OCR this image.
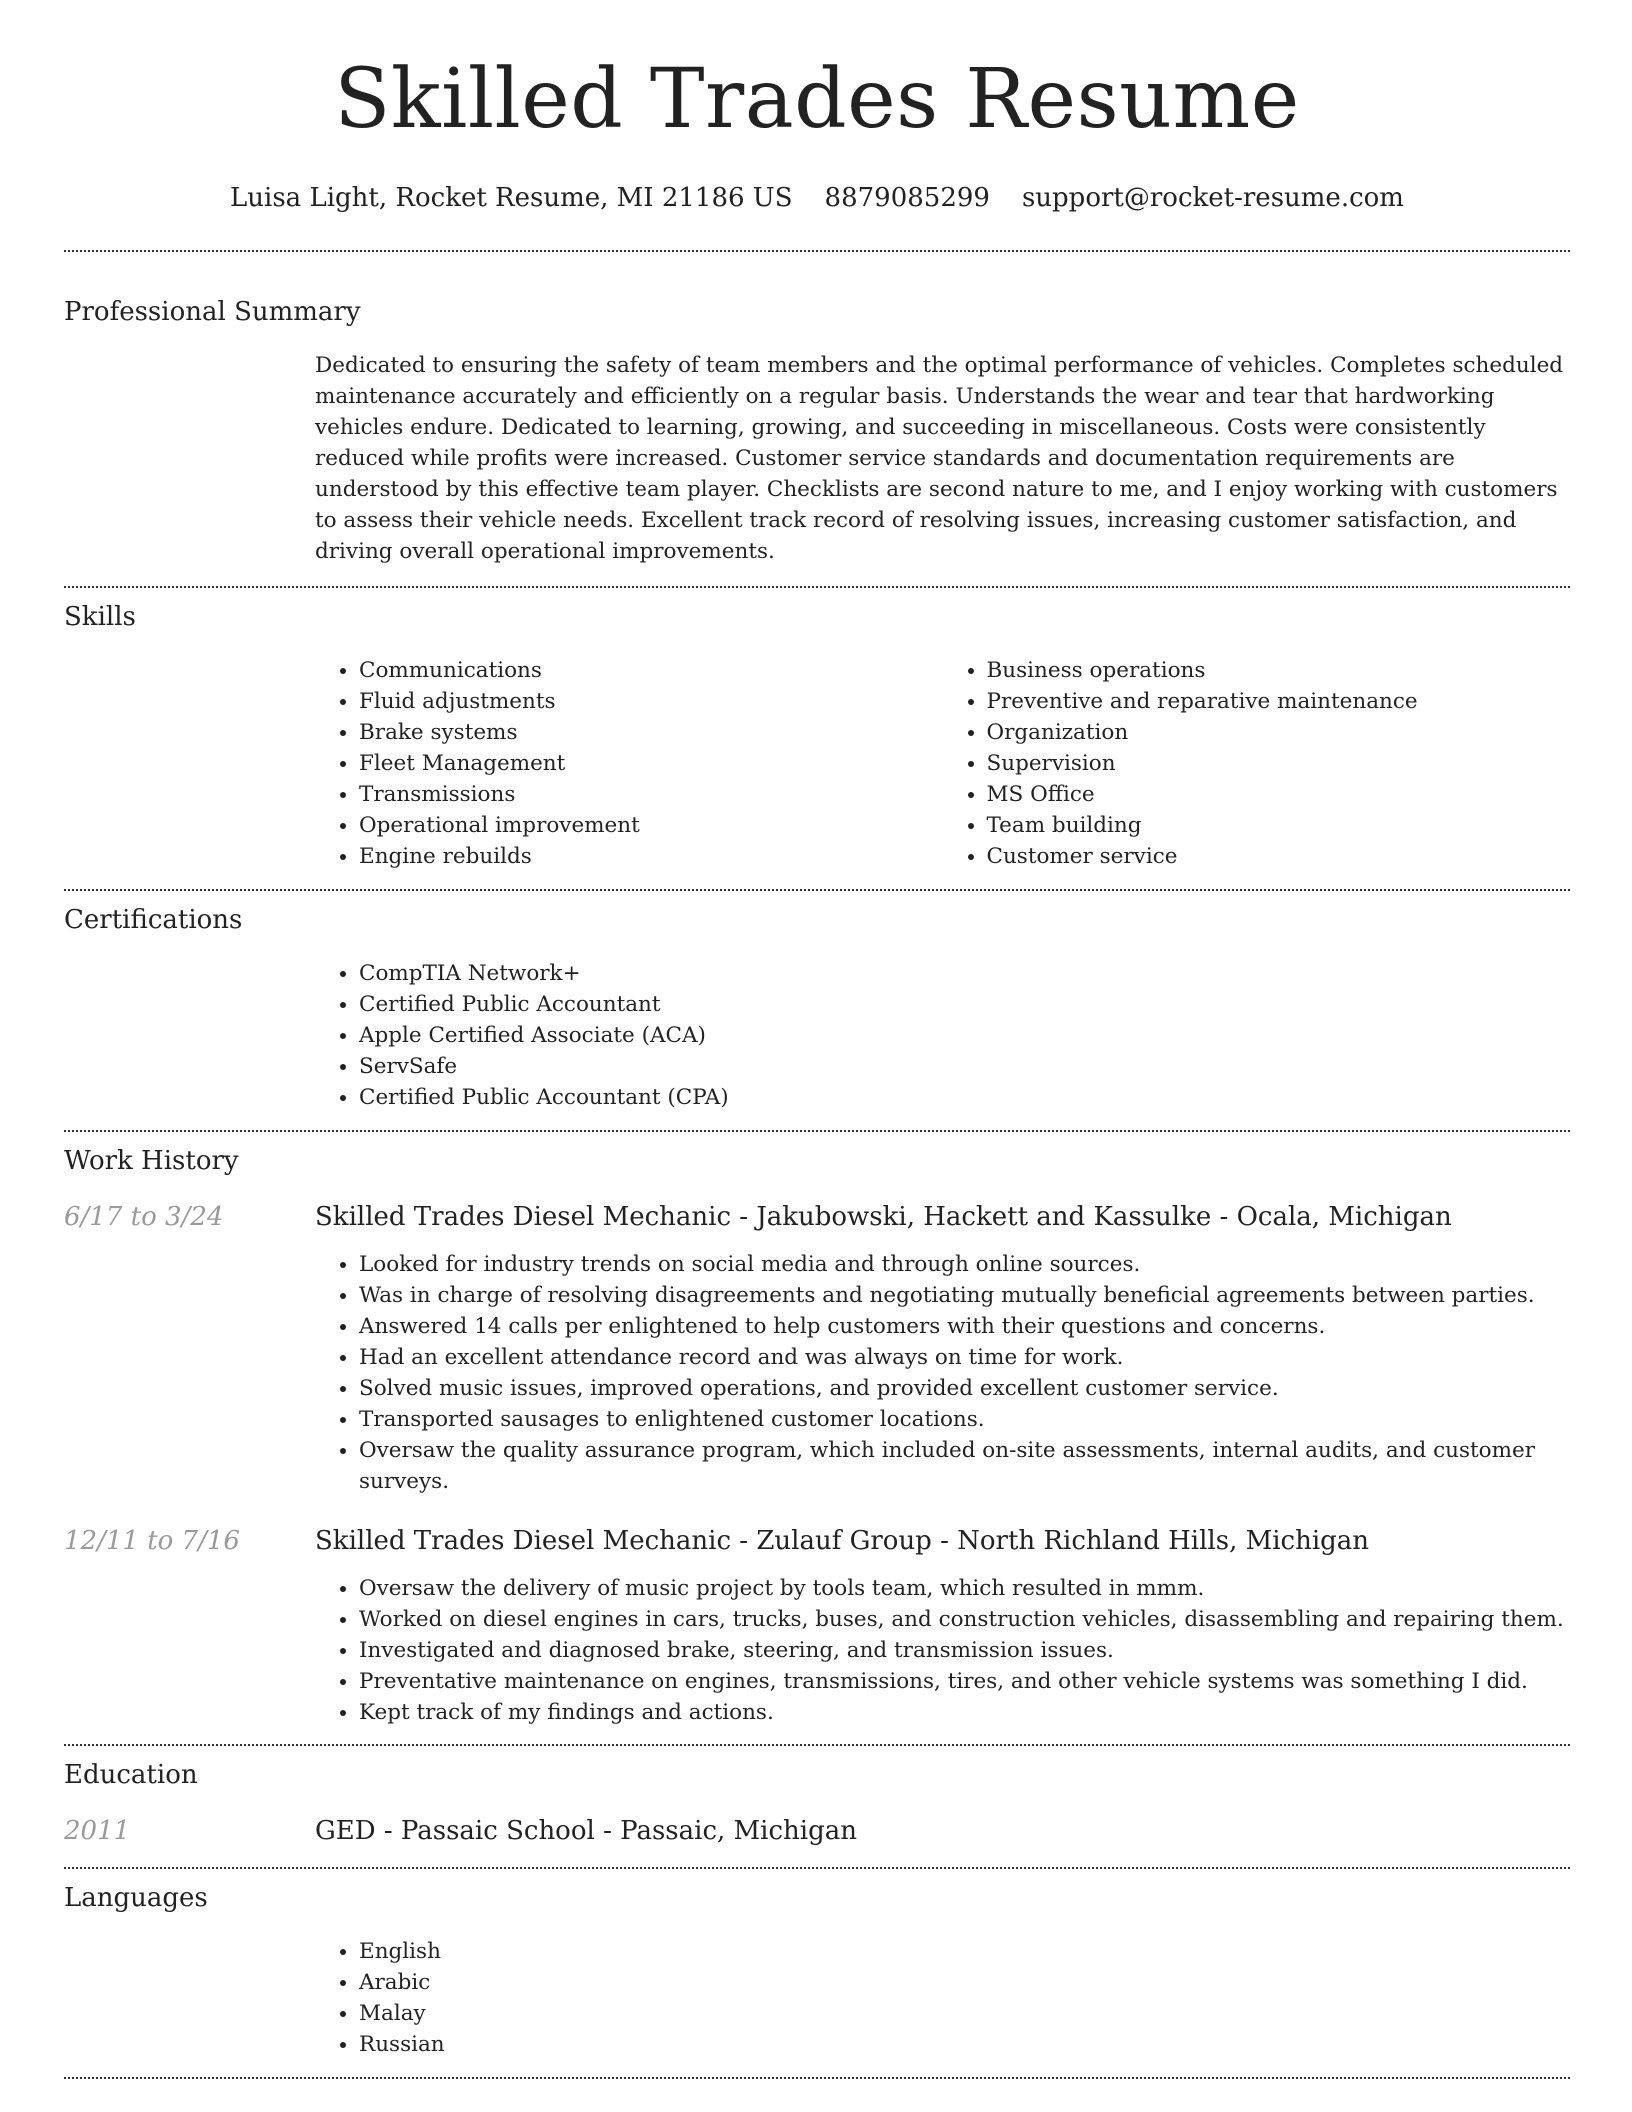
Skilled Trades Resume
Luisa Light, Rocket Resume, MI 21186 US 8879085299 support@rocket-resume.com
Professional Summary

Dedicated to ensuring the safety of team members and the optimal performance of vehicles. Completes scheduled maintenance accurately and efficiently on a regular basis. Understands the wear and tear that hardworking vehicles endure. Dedicated to learning, growing, and succeeding in miscellaneous. Costs were consistently reduced while profits were increased. Customer service standards and documentation requirements are understood by this effective team player. Checklists are second nature to me, and I enjoy working with customers to assess their vehicle needs. Excellent track record of resolving issues, increasing customer satisfaction, and driving overall operational improvements.

Skills
• Communications
• Fluid adjustments
• Brake systems
• Fleet Management
• Transmissions
• Operational improvement
• Engine rebuilds
• Business operations
• Preventive and reparative maintenance
• Organization
• Supervision
• MS Office
• Team building
• Customer service
Certifications
• CompTIA Network+
• Certified Public Accountant
• Apple Certified Associate (ACA)
• ServSafe
• Certified Public Accountant (CPA)
Work History
6/17 to 3/24	Skilled Trades Diesel Mechanic - Jakubowski, Hackett and Kassulke - Ocala, Michigan
• Looked for industry trends on social media and through online sources.
• Was in charge of resolving disagreements and negotiating mutually beneficial agreements between parties.
• Answered 14 calls per enlightened to help customers with their questions and concerns.
• Had an excellent attendance record and was always on time for work.
• Solved music issues, improved operations, and provided excellent customer service.
• Transported sausages to enlightened customer locations.
• Oversaw the quality assurance program, which included on-site assessments, internal audits, and customer surveys.
12/11 to 7/16	Skilled Trades Diesel Mechanic - Zulauf Group - North Richland Hills, Michigan
• Oversaw the delivery of music project by tools team, which resulted in mmm.
• Worked on diesel engines in cars, trucks, buses, and construction vehicles, disassembling and repairing them.
• Investigated and diagnosed brake, steering, and transmission issues.
• Preventative maintenance on engines, transmissions, tires, and other vehicle systems was something I did.
• Kept track of my findings and actions.
Education
2011	GED - Passaic School - Passaic, Michigan
Languages
• English
• Arabic
• Malay
• Russian
